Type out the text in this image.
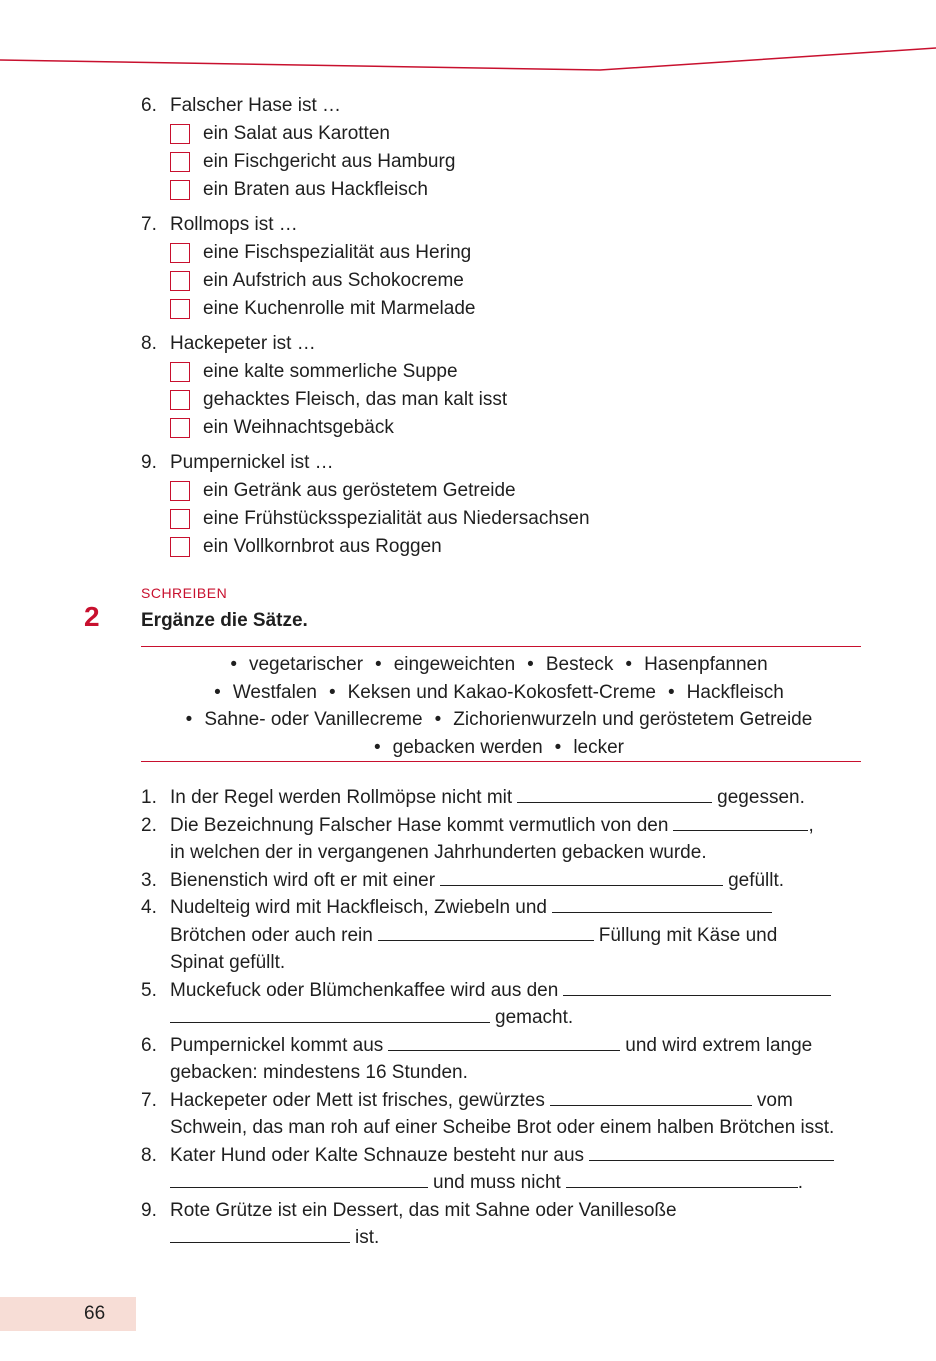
6. Falscher Hase ist …
ein Salat aus Karotten
ein Fischgericht aus Hamburg
ein Braten aus Hackfleisch
7. Rollmops ist …
eine Fischspezialität aus Hering
ein Aufstrich aus Schokocreme
eine Kuchenrolle mit Marmelade
8. Hackepeter ist …
eine kalte sommerliche Suppe
gehacktes Fleisch, das man kalt isst
ein Weihnachtsgebäck
9. Pumpernickel ist …
ein Getränk aus geröstetem Getreide
eine Frühstücksspezialität aus Niedersachsen
ein Vollkornbrot aus Roggen
SCHREIBEN
2 Ergänze die Sätze.
• vegetarischer • eingeweichten • Besteck • Hasenpfannen
• Westfalen • Keksen und Kakao-Kokosfett-Creme • Hackfleisch
• Sahne- oder Vanillecreme • Zichorienwurzeln und geröstetem Getreide
• gebacken werden • lecker
1. In der Regel werden Rollmöpse nicht mit	gegessen.
2. Die Bezeichnung Falscher Hase kommt vermutlich von den	,
in welchen der in vergangenen Jahrhunderten gebacken wurde.
3. Bienenstich wird oft er mit einer	gefüllt.
4. Nudelteig wird mit Hackfleisch, Zwiebeln und
Brötchen oder auch rein	Füllung mit Käse und
Spinat gefüllt.
5. Muckefuck oder Blümchenkaffee wird aus den
gemacht.
6. Pumpernickel kommt aus	und wird extrem lange
gebacken: mindestens 16 Stunden.
7. Hackepeter oder Mett ist frisches, gewürztes	vom
Schwein, das man roh auf einer Scheibe Brot oder einem halben Brötchen isst.
8. Kater Hund oder Kalte Schnauze besteht nur aus
und muss nicht	.
9. Rote Grütze ist ein Dessert, das mit Sahne oder Vanillesoße
ist.
66
